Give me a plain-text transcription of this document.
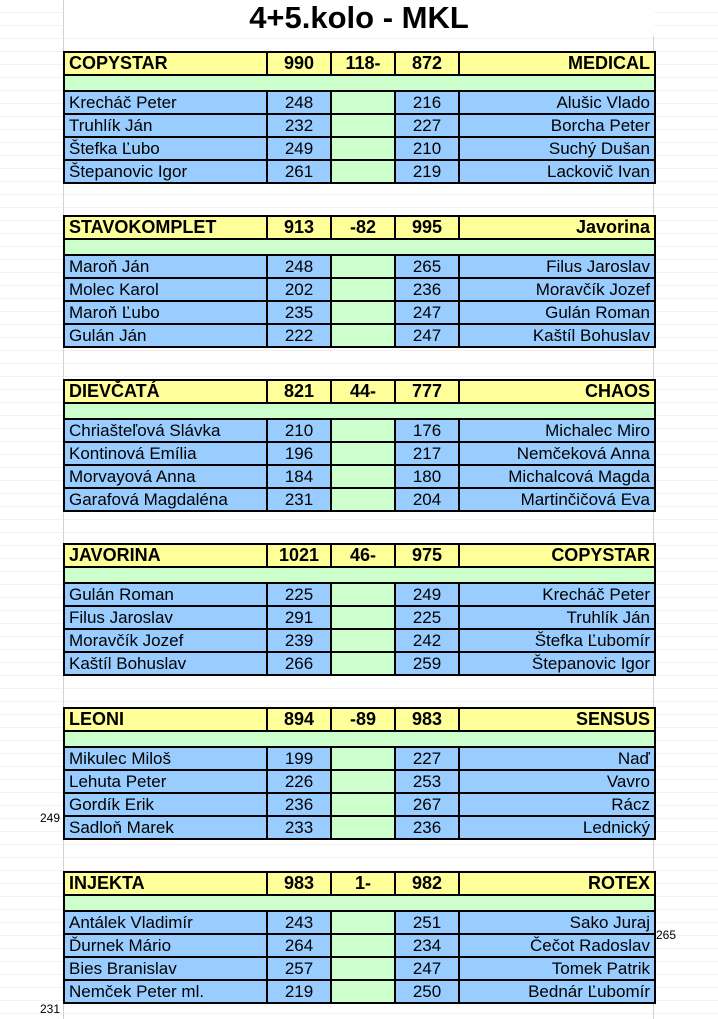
4+5.kolo - MKL
COPYSTAR	990	118-	872	MEDICAL

Krecháč Peter	248		216	Alušic Vlado
Truhlík Ján	232		227	Borcha Peter
Štefka Ľubo	249		210	Suchý Dušan
Štepanovic Igor	261		219	Lackovič Ivan
STAVOKOMPLET	913	-82	995	Javorina

Maroň Ján	248		265	Filus Jaroslav
Molec Karol	202		236	Moravčík Jozef
Maroň Ľubo	235		247	Gulán Roman
Gulán Ján	222		247	Kaštíl Bohuslav
DIEVČATÁ	821	44-	777	CHAOS

Chriašteľová Slávka	210		176	Michalec Miro
Kontinová Emília	196		217	Nemčeková Anna
Morvayová Anna	184		180	Michalcová Magda
Garafová Magdaléna	231		204	Martinčičová Eva
JAVORINA	1021	46-	975	COPYSTAR

Gulán Roman	225		249	Krecháč Peter
Filus Jaroslav	291		225	Truhlík Ján
Moravčík Jozef	239		242	Štefka Ľubomír
Kaštíl Bohuslav	266		259	Štepanovic Igor
LEONI	894	-89	983	SENSUS

Mikulec Miloš	199		227	Naď
Lehuta Peter	226		253	Vavro
Gordík Erik	236		267	Rácz
Sadloň Marek	233		236	Lednický
INJEKTA	983	1-	982	ROTEX

Antálek Vladimír	243		251	Sako Juraj
Ďurnek Mário	264		234	Čečot Radoslav
Bies Branislav	257		247	Tomek Patrik
Nemček Peter ml.	219		250	Bednár Ľubomír
249
265
231
